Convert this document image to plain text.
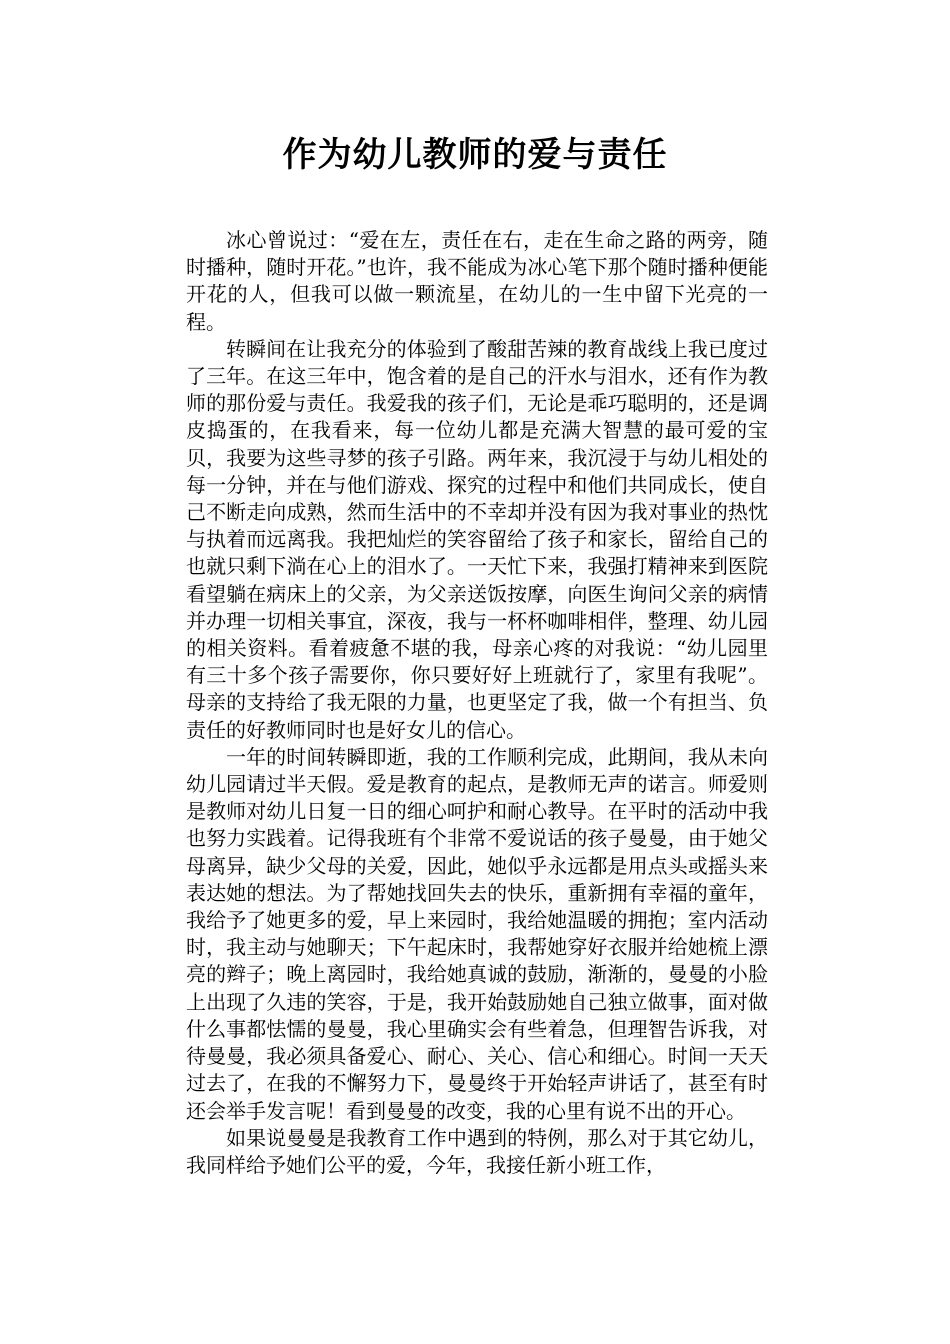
作为幼儿教师的爱与责任

冰心曾说过：“爱在左，责任在右，走在生命之路的两旁，随时播种，随时开花。”也许，我不能成为冰心笔下那个随时播种便能开花的人，但我可以做一颗流星，在幼儿的一生中留下光亮的一程。

转瞬间在让我充分的体验到了酸甜苦辣的教育战线上我已度过了三年。在这三年中，饱含着的是自己的汗水与泪水，还有作为教师的那份爱与责任。我爱我的孩子们，无论是乖巧聪明的，还是调皮捣蛋的，在我看来，每一位幼儿都是充满大智慧的最可爱的宝贝，我要为这些寻梦的孩子引路。两年来，我沉浸于与幼儿相处的每一分钟，并在与他们游戏、探究的过程中和他们共同成长，使自己不断走向成熟，然而生活中的不幸却并没有因为我对事业的热忱与执着而远离我。我把灿烂的笑容留给了孩子和家长，留给自己的也就只剩下淌在心上的泪水了。一天忙下来，我强打精神来到医院看望躺在病床上的父亲，为父亲送饭按摩，向医生询问父亲的病情并办理一切相关事宜，深夜，我与一杯杯咖啡相伴，整理、幼儿园的相关资料。看着疲惫不堪的我，母亲心疼的对我说：“幼儿园里有三十多个孩子需要你，你只要好好上班就行了，家里有我呢”。母亲的支持给了我无限的力量，也更坚定了我，做一个有担当、负责任的好教师同时也是好女儿的信心。

一年的时间转瞬即逝，我的工作顺利完成，此期间，我从未向幼儿园请过半天假。爱是教育的起点，是教师无声的诺言。师爱则是教师对幼儿日复一日的细心呵护和耐心教导。在平时的活动中我也努力实践着。记得我班有个非常不爱说话的孩子曼曼，由于她父母离异，缺少父母的关爱，因此，她似乎永远都是用点头或摇头来表达她的想法。为了帮她找回失去的快乐，重新拥有幸福的童年，我给予了她更多的爱，早上来园时，我给她温暖的拥抱；室内活动时，我主动与她聊天；下午起床时，我帮她穿好衣服并给她梳上漂亮的辫子；晚上离园时，我给她真诚的鼓励，渐渐的，曼曼的小脸上出现了久违的笑容，于是，我开始鼓励她自己独立做事，面对做什么事都怯懦的曼曼，我心里确实会有些着急，但理智告诉我，对待曼曼，我必须具备爱心、耐心、关心、信心和细心。时间一天天过去了，在我的不懈努力下，曼曼终于开始轻声讲话了，甚至有时还会举手发言呢！看到曼曼的改变，我的心里有说不出的开心。

如果说曼曼是我教育工作中遇到的特例，那么对于其它幼儿，我同样给予她们公平的爱，今年，我接任新小班工作，
